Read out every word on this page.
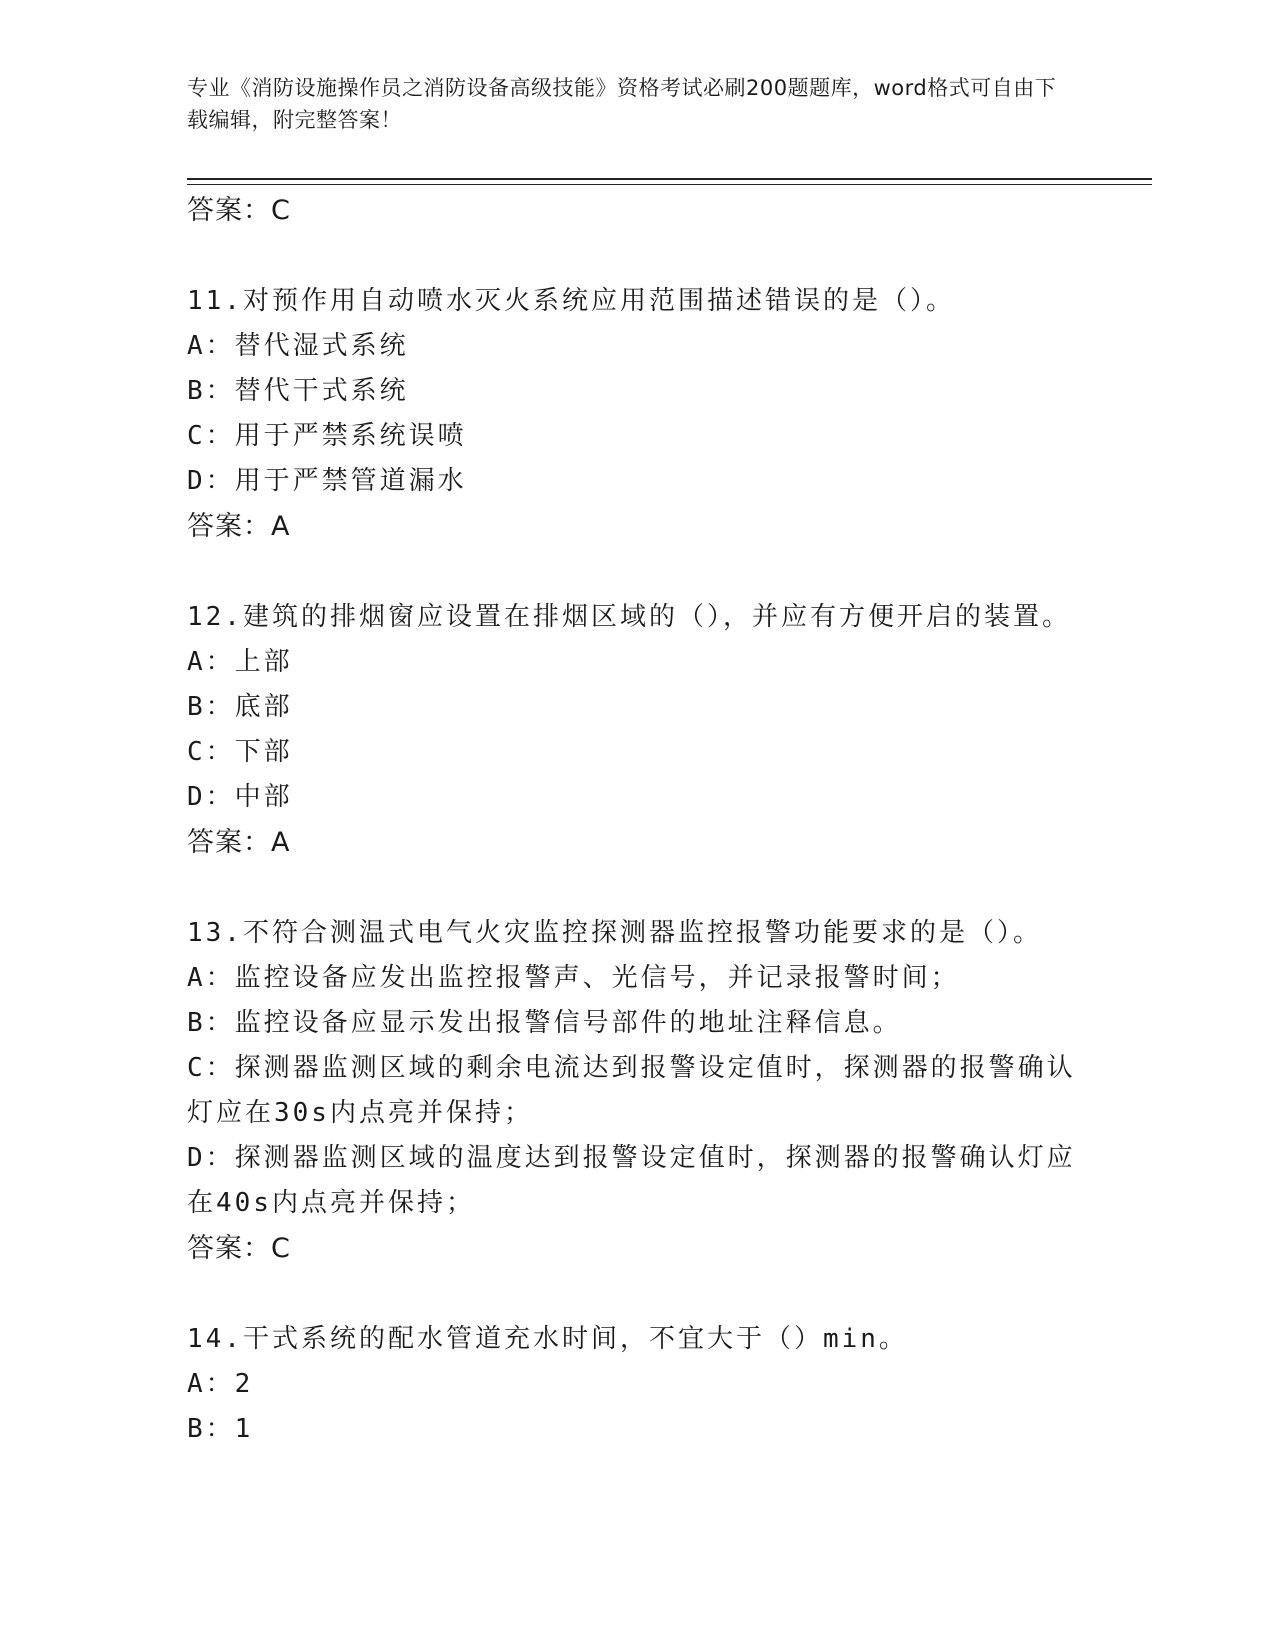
专业《消防设施操作员之消防设备高级技能》资格考试必刷200题题库，word格式可自由下载编辑，附完整答案！
答案：C
11.对预作用自动喷水灭火系统应用范围描述错误的是（）。
A：替代湿式系统
B：替代干式系统
C：用于严禁系统误喷
D：用于严禁管道漏水
答案：A
12.建筑的排烟窗应设置在排烟区域的（），并应有方便开启的装置。
A：上部
B：底部
C：下部
D：中部
答案：A
13.不符合测温式电气火灾监控探测器监控报警功能要求的是（）。
A：监控设备应发出监控报警声、光信号，并记录报警时间；
B：监控设备应显示发出报警信号部件的地址注释信息。
C：探测器监测区域的剩余电流达到报警设定值时，探测器的报警确认灯应在30s内点亮并保持；
D：探测器监测区域的温度达到报警设定值时，探测器的报警确认灯应在40s内点亮并保持；
答案：C
14.干式系统的配水管道充水时间，不宜大于（）min。
A：2
B：1
